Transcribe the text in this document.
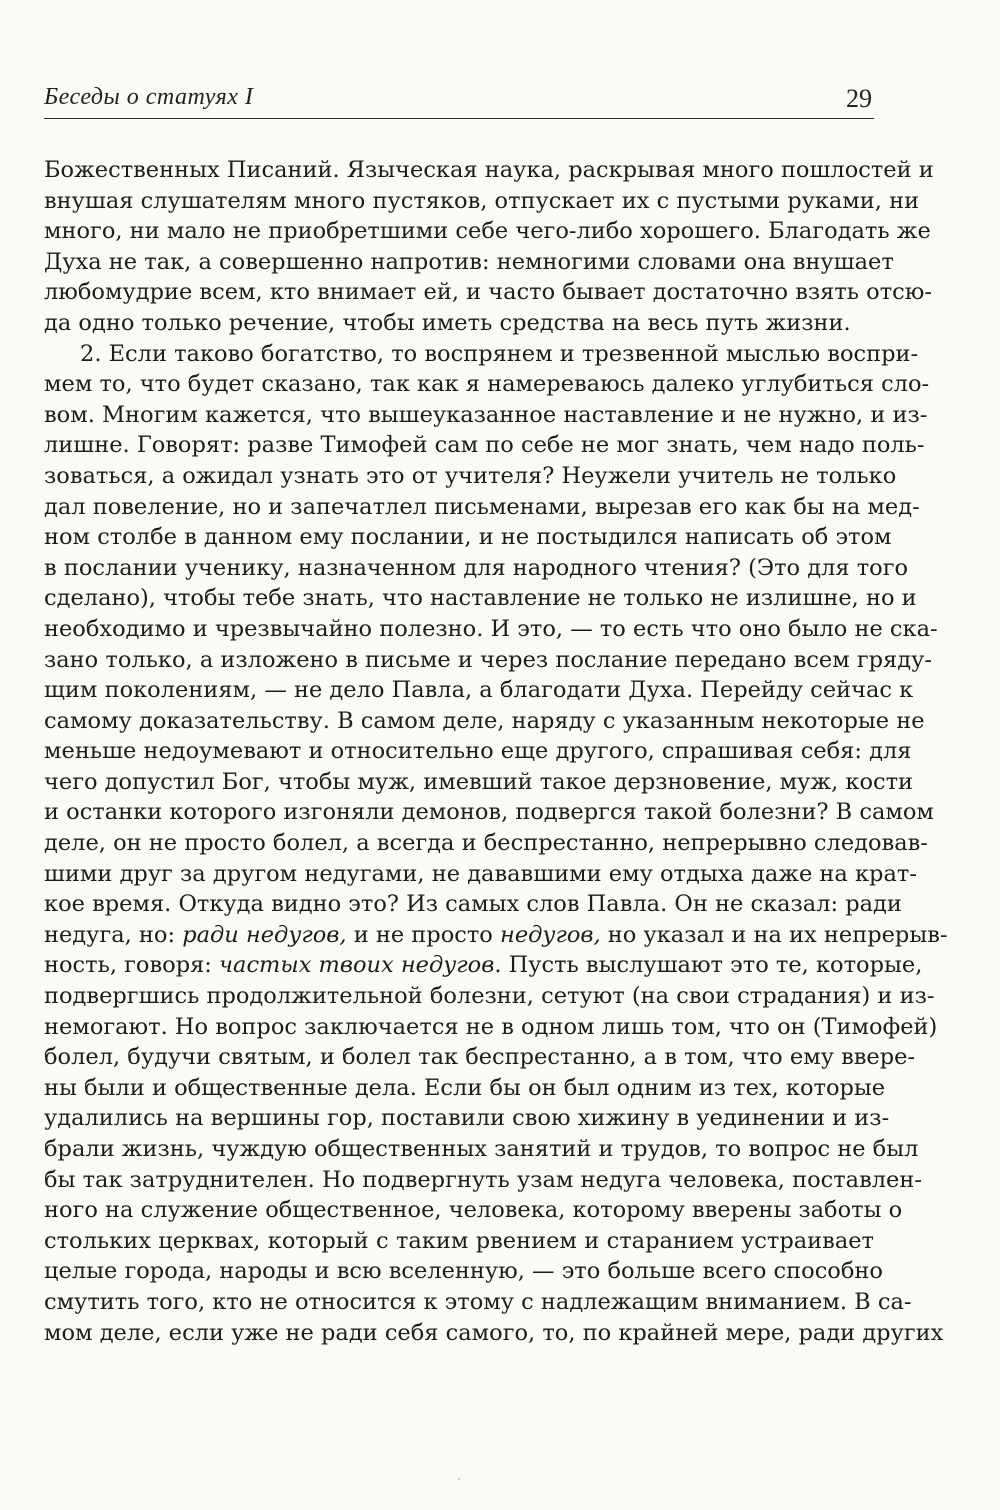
Беседы о статуях I	29
Божественных Писаний. Языческая наука, раскрывая много пошлостей и
внушая слушателям много пустяков, отпускает их с пустыми руками, ни
много, ни мало не приобретшими себе чего-либо хорошего. Благодать же
Духа не так, а совершенно напротив: немногими словами она внушает
любомудрие всем, кто внимает ей, и часто бывает достаточно взять отсю-
да одно только речение, чтобы иметь средства на весь путь жизни.
2. Если таково богатство, то воспрянем и трезвенной мыслью воспри-
мем то, что будет сказано, так как я намереваюсь далеко углубиться сло-
вом. Многим кажется, что вышеуказанное наставление и не нужно, и из-
лишне. Говорят: разве Тимофей сам по себе не мог знать, чем надо поль-
зоваться, а ожидал узнать это от учителя? Неужели учитель не только
дал повеление, но и запечатлел письменами, вырезав его как бы на мед-
ном столбе в данном ему послании, и не постыдился написать об этом
в послании ученику, назначенном для народного чтения? (Это для того
сделано), чтобы тебе знать, что наставление не только не излишне, но и
необходимо и чрезвычайно полезно. И это, — то есть что оно было не ска-
зано только, а изложено в письме и через послание передано всем гряду-
щим поколениям, — не дело Павла, а благодати Духа. Перейду сейчас к
самому доказательству. В самом деле, наряду с указанным некоторые не
меньше недоумевают и относительно еще другого, спрашивая себя: для
чего допустил Бог, чтобы муж, имевший такое дерзновение, муж, кости
и останки которого изгоняли демонов, подвергся такой болезни? В самом
деле, он не просто болел, а всегда и беспрестанно, непрерывно следовав-
шими друг за другом недугами, не дававшими ему отдыха даже на крат-
кое время. Откуда видно это? Из самых слов Павла. Он не сказал: ради
недуга, но: ради недугов, и не просто недугов, но указал и на их непрерыв-
ность, говоря: частых твоих недугов. Пусть выслушают это те, которые,
подвергшись продолжительной болезни, сетуют (на свои страдания) и из-
немогают. Но вопрос заключается не в одном лишь том, что он (Тимофей)
болел, будучи святым, и болел так беспрестанно, а в том, что ему вверe-
ны были и общественные дела. Если бы он был одним из тех, которые
удалились на вершины гор, поставили свою хижину в уединении и из-
брали жизнь, чуждую общественных занятий и трудов, то вопрос не был
бы так затруднителен. Но подвергнуть узам недуга человека, поставлен-
ного на служение общественное, человека, которому вверены заботы о
стольких церквах, который с таким рвением и старанием устраивает
целые города, народы и всю вселенную, — это больше всего способно
смутить того, кто не относится к этому с надлежащим вниманием. В са-
мом деле, если уже не ради себя самого, то, по крайней мере, ради других
